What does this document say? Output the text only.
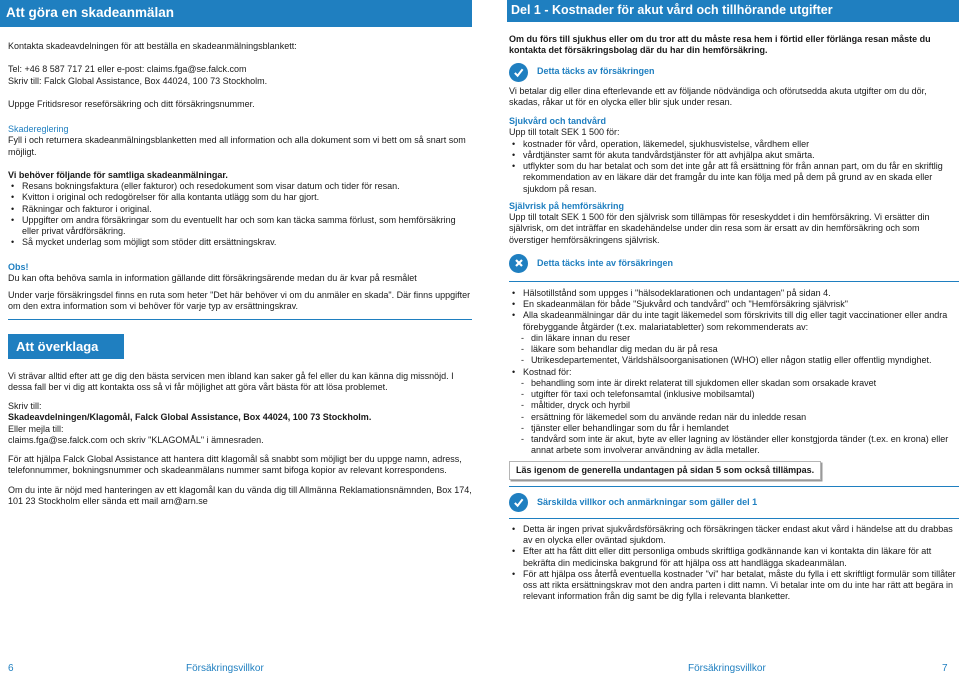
Att göra en skadeanmälan

Kontakta skadeavdelningen för att beställa en skadeanmälningsblankett:

Tel: +46 8 587 717 21 eller e-post: claims.fga@se.falck.com

Skriv till: Falck Global Assistance, Box 44024, 100 73 Stockholm.

Uppge Fritidsresor reseförsäkring och ditt försäkringsnummer.

Skadereglering

Fyll i och returnera skadeanmälningsblanketten med all information och alla dokument som vi bett om så snart som möjligt.

Vi behöver följande för samtliga skadeanmälningar.

• Resans bokningsfaktura (eller fakturor) och resedokument som visar datum och tider för resan.
• Kvitton i original och redogörelser för alla kontanta utlägg som du har gjort.
• Räkningar och fakturor i original.
• Uppgifter om andra försäkringar som du eventuellt har och som kan täcka samma förlust, som hemförsäkring eller privat vårdförsäkring.
• Så mycket underlag som möjligt som stöder ditt ersättningskrav.

Obs!

Du kan ofta behöva samla in information gällande ditt försäkringsärende medan du är kvar på resmålet

Under varje försäkringsdel finns en ruta som heter "Det här behöver vi om du anmäler en skada". Där finns uppgifter om den extra information som vi behöver för varje typ av ersättningskrav.

Att överklaga

Vi strävar alltid efter att ge dig den bästa servicen men ibland kan saker gå fel eller du kan känna dig missnöjd. I dessa fall ber vi dig att kontakta oss så vi får möjlighet att göra vårt bästa för att lösa problemet.

Skriv till:

Skadeavdelningen/Klagomål, Falck Global Assistance, Box 44024, 100 73 Stockholm.

Eller mejla till:

claims.fga@se.falck.com och skriv "KLAGOMÅL" i ämnesraden.

För att hjälpa Falck Global Assistance att hantera ditt klagomål så snabbt som möjligt ber du uppge namn, adress, telefonnummer, bokningsnummer och skadeanmälans nummer samt bifoga kopior av relevant korrespondens.

Om du inte är nöjd med hanteringen av ett klagomål kan du vända dig till Allmänna Reklamationsnämnden, Box 174, 101 23 Stockholm eller sända ett mail arn@arn.se

6	Försäkringsvillkor
Del 1 - Kostnader för akut vård och tillhörande utgifter

Om du förs till sjukhus eller om du tror att du måste resa hem i förtid eller förlänga resan måste du kontakta det försäkringsbolag där du har din hemförsäkring.

Detta täcks av försäkringen

Vi betalar dig eller dina efterlevande ett av följande nödvändiga och oförutsedda akuta utgifter om du dör, skadas, råkar ut för en olycka eller blir sjuk under resan.

Sjukvård och tandvård

Upp till totalt SEK 1 500 för:

• kostnader för vård, operation, läkemedel, sjukhusvistelse, vårdhem eller
• vårdtjänster samt för akuta tandvårdstjänster för att avhjälpa akut smärta.
• utflykter som du har betalat och som det inte går att få ersättning för från annan part, om du får en skriftlig rekommendation av en läkare där det framgår du inte kan följa med på dem på grund av en skada eller sjukdom på resan.

Självrisk på hemförsäkring

Upp till totalt SEK 1 500 för den självrisk som tillämpas för reseskyddet i din hemförsäkring. Vi ersätter din självrisk, om det inträffar en skadehändelse under din resa som är ersatt av din hemförsäkring och som överstiger hemförsäkringens självrisk.

Detta täcks inte av försäkringen
• Hälsotillstånd som uppges i "hälsodeklarationen och undantagen" på sidan 4.
• En skadeanmälan för både "Sjukvård och tandvård" och "Hemförsäkring självrisk"
• Alla skadeanmälningar där du inte tagit läkemedel som förskrivits till dig eller tagit vaccinationer eller andra förebyggande åtgärder (t.ex. malariatabletter) som rekommenderats av:
- din läkare innan du reser
- läkare som behandlar dig medan du är på resa
- Utrikesdepartementet, Världshälsoorganisationen (WHO) eller någon statlig eller offentlig myndighet.
• Kostnad för:
- behandling som inte är direkt relaterat till sjukdomen eller skadan som orsakade kravet
- utgifter för taxi och telefonsamtal (inklusive mobilsamtal)
- måltider, dryck och hyrbil
- ersättning för läkemedel som du använde redan när du inledde resan
- tjänster eller behandlingar som du får i hemlandet
- tandvård som inte är akut, byte av eller lagning av löständer eller konstgjorda tänder (t.ex. en krona) eller annat arbete som involverar användning av ädla metaller.
Läs igenom de generella undantagen på sidan 5 som också tillämpas.
Särskilda villkor och anmärkningar som gäller del 1
• Detta är ingen privat sjukvårdsförsäkring och försäkringen täcker endast akut vård i händelse att du drabbas av en olycka eller oväntad sjukdom.
• Efter att ha fått ditt eller ditt personliga ombuds skriftliga godkännande kan vi kontakta din läkare för att bekräfta din medicinska bakgrund för att hjälpa oss att handlägga skadeanmälan.
• För att hjälpa oss återfå eventuella kostnader "vi" har betalat, måste du fylla i ett skriftligt formulär som tillåter oss att rikta ersättningskrav mot den andra parten i ditt namn. Vi betalar inte om du inte har rätt att begära in relevant information från dig samt be dig fylla i relevanta blanketter.
Försäkringsvillkor	7
